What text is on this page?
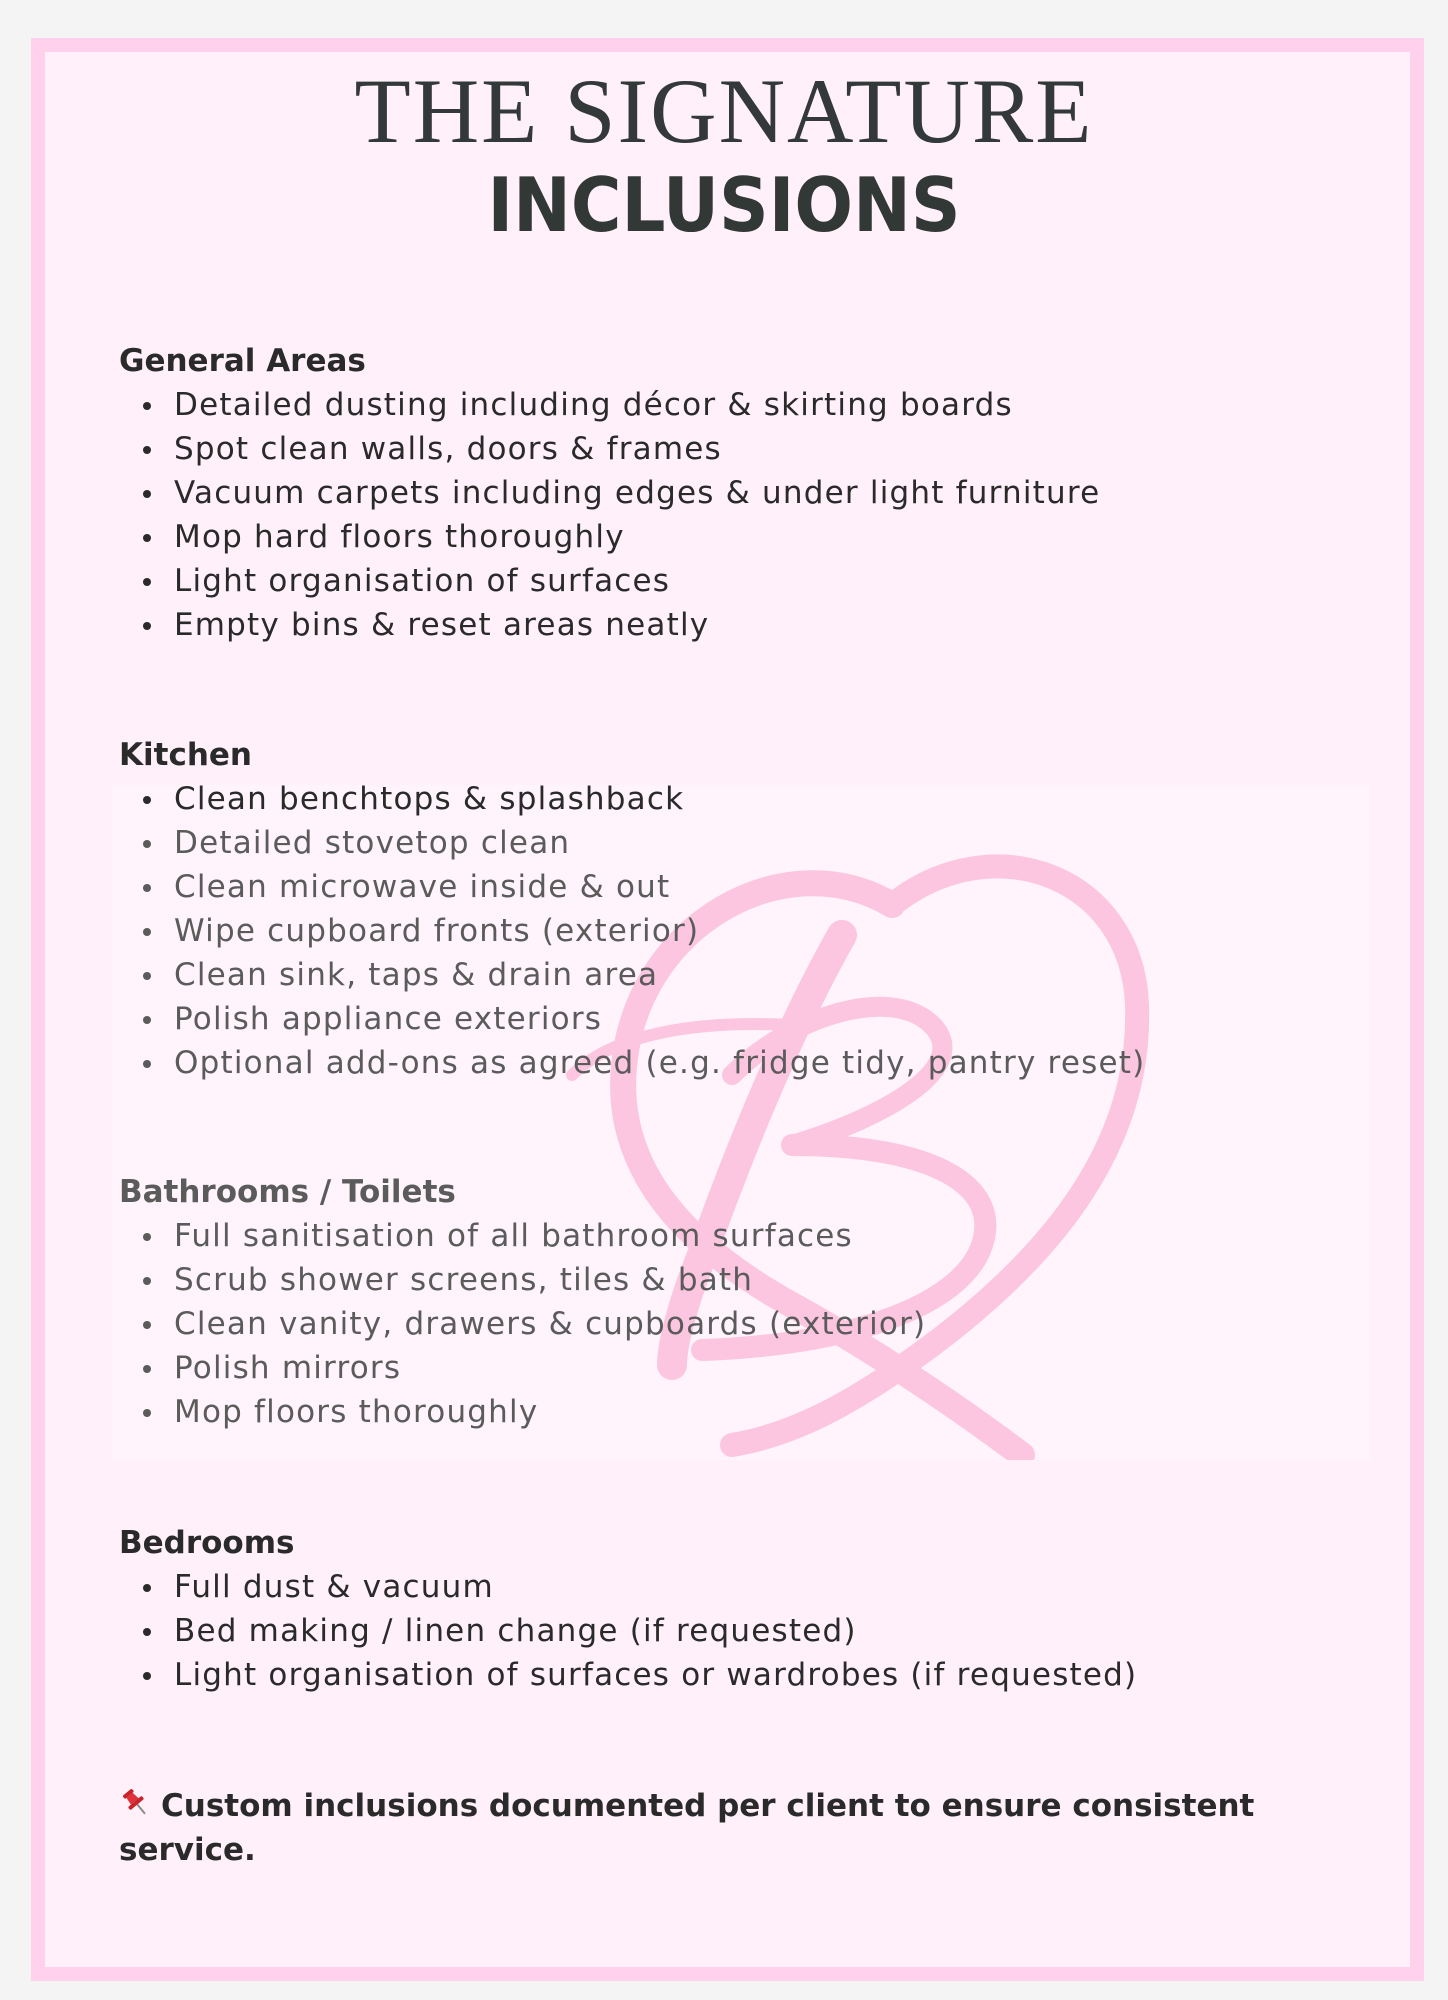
THE SIGNATURE
INCLUSIONS
General Areas
Detailed dusting including décor & skirting boards
Spot clean walls, doors & frames
Vacuum carpets including edges & under light furniture
Mop hard floors thoroughly
Light organisation of surfaces
Empty bins & reset areas neatly
Kitchen
Clean benchtops & splashback
Detailed stovetop clean
Clean microwave inside & out
Wipe cupboard fronts (exterior)
Clean sink, taps & drain area
Polish appliance exteriors
Optional add-ons as agreed (e.g. fridge tidy, pantry reset)
Bathrooms / Toilets
Full sanitisation of all bathroom surfaces
Scrub shower screens, tiles & bath
Clean vanity, drawers & cupboards (exterior)
Polish mirrors
Mop floors thoroughly
Bedrooms
Full dust & vacuum
Bed making / linen change (if requested)
Light organisation of surfaces or wardrobes (if requested)
Custom inclusions documented per client to ensure consistent service.
